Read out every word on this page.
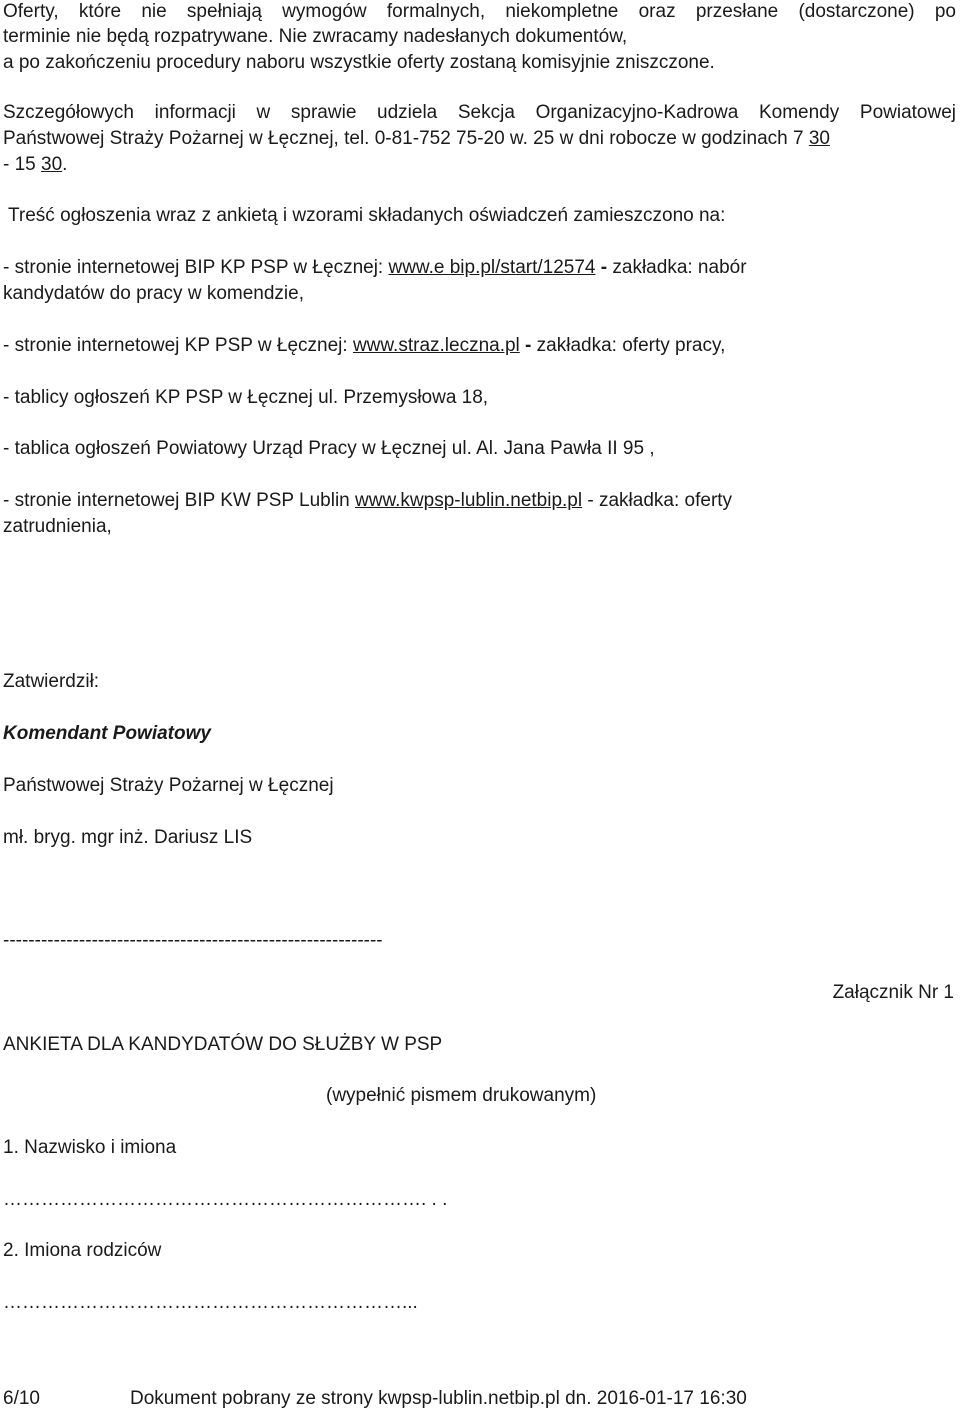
Oferty, które nie spełniają wymogów formalnych, niekompletne oraz przesłane (dostarczone) po
terminie nie będą rozpatrywane. Nie zwracamy nadesłanych dokumentów,
a po zakończeniu procedury naboru wszystkie oferty zostaną komisyjnie zniszczone.
Szczegółowych informacji w sprawie udziela Sekcja Organizacyjno-Kadrowa Komendy Powiatowej
Państwowej Straży Pożarnej w Łęcznej, tel. 0-81-752 75-20 w. 25 w dni robocze w godzinach 7 30
- 15 30.
Treść ogłoszenia wraz z ankietą i wzorami składanych oświadczeń zamieszczono na:
- stronie internetowej BIP KP PSP w Łęcznej: www.e bip.pl/start/12574 - zakładka: nabór
kandydatów do pracy w komendzie,
- stronie internetowej KP PSP w Łęcznej: www.straz.leczna.pl - zakładka: oferty pracy,
- tablicy ogłoszeń KP PSP w Łęcznej ul. Przemysłowa 18,
- tablica ogłoszeń Powiatowy Urząd Pracy w Łęcznej ul. Al. Jana Pawła II 95 ,
- stronie internetowej BIP KW PSP Lublin www.kwpsp-lublin.netbip.pl - zakładka: oferty
zatrudnienia,
Zatwierdził:
Komendant Powiatowy
Państwowej Straży Pożarnej w Łęcznej
mł. bryg. mgr inż. Dariusz LIS
------------------------------------------------------------
Załącznik Nr 1
ANKIETA DLA KANDYDATÓW DO SŁUŻBY W PSP
(wypełnić pismem drukowanym)
1. Nazwisko i imiona
…………………………………………………………. . .
2. Imiona rodziców
………………………………………………………...
6/10	Dokument pobrany ze strony kwpsp-lublin.netbip.pl dn. 2016-01-17 16:30
